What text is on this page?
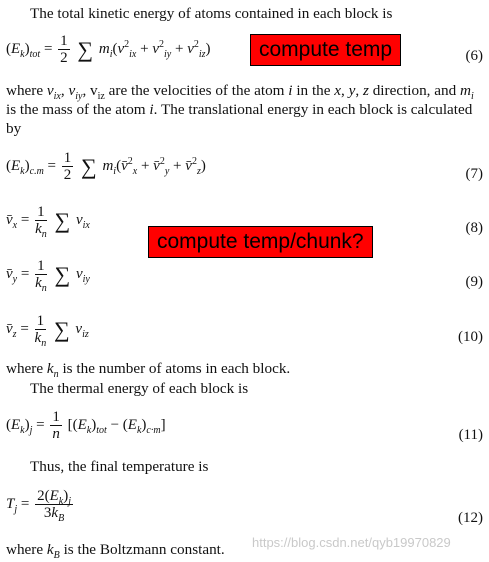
The total kinetic energy of atoms contained in each block is
$(E_k)_{tot} = \frac{1}{2}$ ∑ $m_i(v^2_{ix} + v^2_{iy} + v^2_{iz})$	(6)
compute temp
where $v_{ix}$, $v_{iy}$, $v_{iz}$ are the velocities of the atom i in the x, y, z direction, and $m_i$ is the mass of the atom i. The translational energy in each block is calculated by
$(E_k)_{c.m} = \frac{1}{2}$ ∑ $m_i(v̄^2_x$ + v̄$^2_y$ + v̄$^2_z$)
(7)
$v̄_x = \frac{1}{k_n}$ ∑ $v_{ix}$	(8)
compute temp/chunk?
$v̄_y = \frac{1}{k_n}$ ∑ $v_{iy}$	(9)
$v̄_z = \frac{1}{k_n}$ ∑ $v_{iz}$	(10)
where $k_n$ is the number of atoms in each block.
The thermal energy of each block is
$(E_k)_j = \frac{1}{n} [(E_k)_{tot} - (E_k)_{c\cdot m}]$
(11)
Thus, the final temperature is
$T_j = \frac{2(E_k)_j}{3k_B}$	(12)
where $k_B$ is the Boltzmann constant.	https://blog.csdn.net/qyb19970829
